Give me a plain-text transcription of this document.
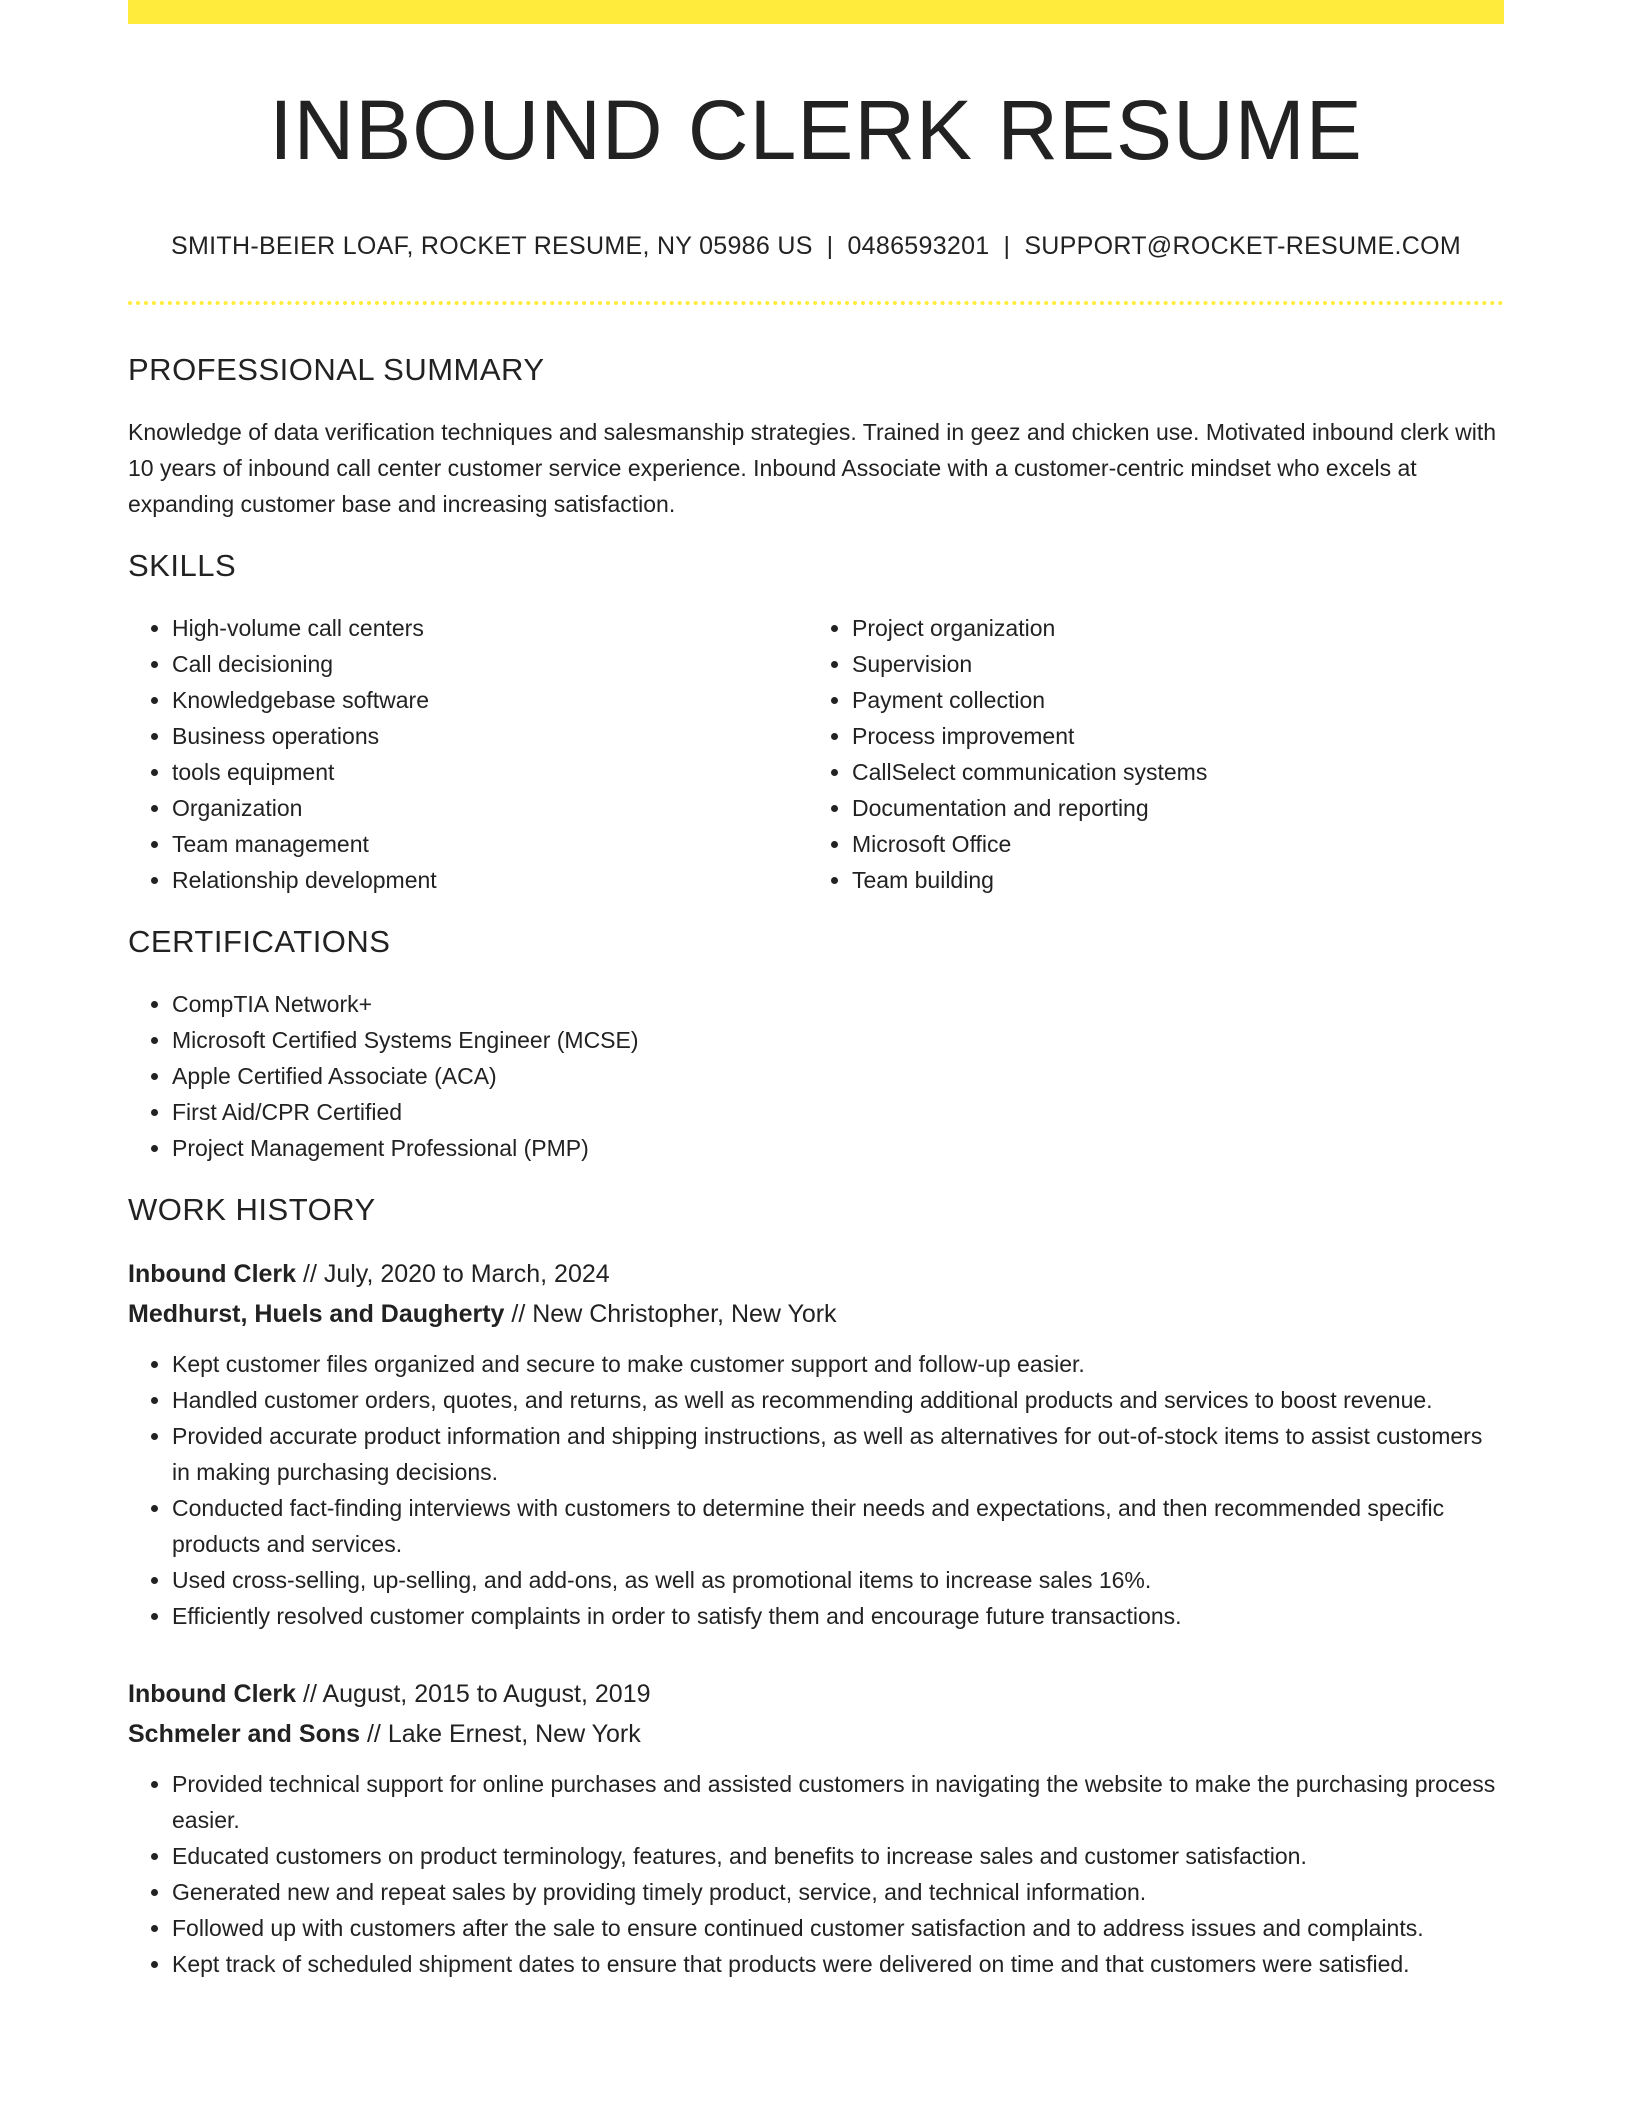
INBOUND CLERK RESUME
SMITH-BEIER LOAF, ROCKET RESUME, NY 05986 US | 0486593201 | SUPPORT@ROCKET-RESUME.COM
PROFESSIONAL SUMMARY
Knowledge of data verification techniques and salesmanship strategies. Trained in geez and chicken use. Motivated inbound clerk with 10 years of inbound call center customer service experience. Inbound Associate with a customer-centric mindset who excels at expanding customer base and increasing satisfaction.
SKILLS
• High-volume call centers
• Call decisioning
• Knowledgebase software
• Business operations
• tools equipment
• Organization
• Team management
• Relationship development
• Project organization
• Supervision
• Payment collection
• Process improvement
• CallSelect communication systems
• Documentation and reporting
• Microsoft Office
• Team building
CERTIFICATIONS
• CompTIA Network+
• Microsoft Certified Systems Engineer (MCSE)
• Apple Certified Associate (ACA)
• First Aid/CPR Certified
• Project Management Professional (PMP)
WORK HISTORY
Inbound Clerk // July, 2020 to March, 2024
Medhurst, Huels and Daugherty // New Christopher, New York
• Kept customer files organized and secure to make customer support and follow-up easier.
• Handled customer orders, quotes, and returns, as well as recommending additional products and services to boost revenue.
• Provided accurate product information and shipping instructions, as well as alternatives for out-of-stock items to assist customers in making purchasing decisions.
• Conducted fact-finding interviews with customers to determine their needs and expectations, and then recommended specific products and services.
• Used cross-selling, up-selling, and add-ons, as well as promotional items to increase sales 16%.
• Efficiently resolved customer complaints in order to satisfy them and encourage future transactions.
Inbound Clerk // August, 2015 to August, 2019
Schmeler and Sons // Lake Ernest, New York
• Provided technical support for online purchases and assisted customers in navigating the website to make the purchasing process easier.
• Educated customers on product terminology, features, and benefits to increase sales and customer satisfaction.
• Generated new and repeat sales by providing timely product, service, and technical information.
• Followed up with customers after the sale to ensure continued customer satisfaction and to address issues and complaints.
• Kept track of scheduled shipment dates to ensure that products were delivered on time and that customers were satisfied.
